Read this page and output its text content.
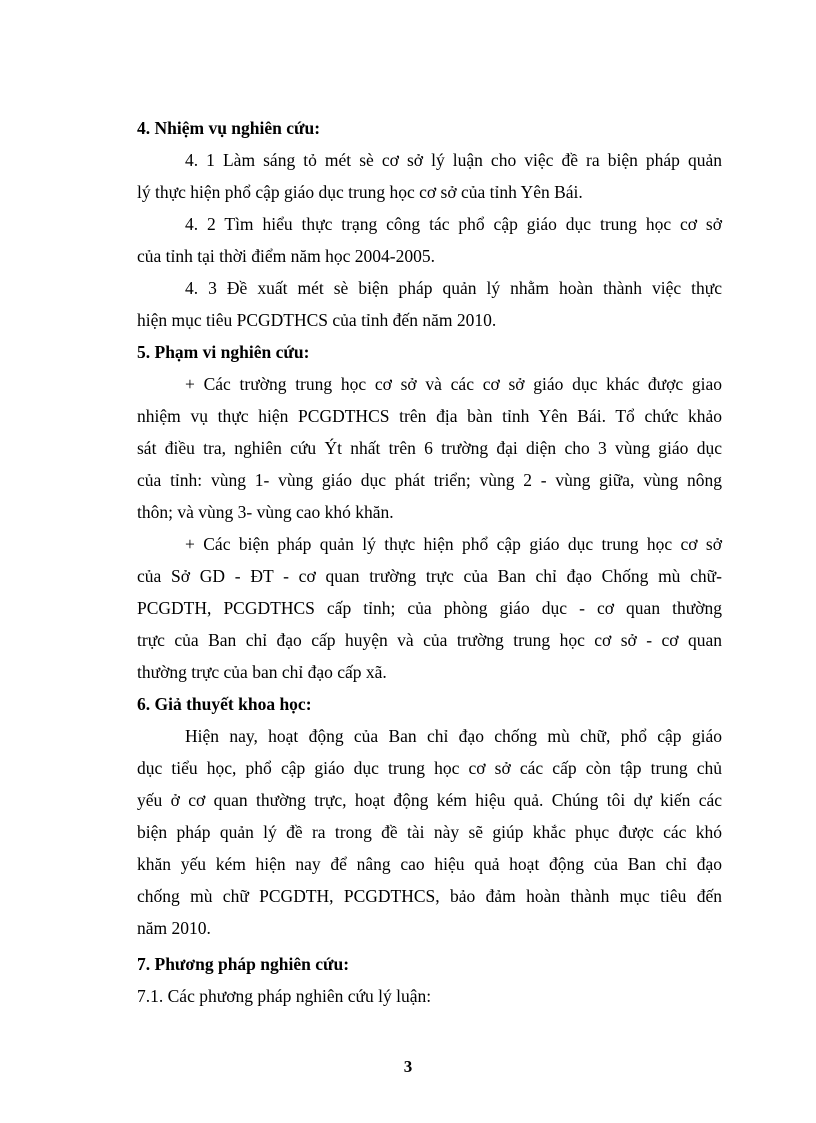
4. Nhiệm vụ nghiên cứu:
4. 1 Làm sáng tỏ mét sè cơ sở lý luận cho việc đề ra biện pháp quản
lý thực hiện phổ cập giáo dục trung học cơ sở của tỉnh Yên Bái.
4. 2 Tìm hiểu thực trạng công tác phổ cập giáo dục trung học cơ sở
của tỉnh tại thời điểm năm học 2004-2005.
4. 3 Đề xuất mét sè biện pháp quản lý nhằm hoàn thành việc thực
hiện mục tiêu PCGDTHCS của tỉnh đến năm 2010.
5. Phạm vi nghiên cứu:
+ Các trường trung học cơ sở và các cơ sở giáo dục khác được giao
nhiệm vụ thực hiện PCGDTHCS trên địa bàn tỉnh Yên Bái. Tổ chức khảo
sát điều tra, nghiên cứu Ýt nhất trên 6 trường đại diện cho 3 vùng giáo dục
của tỉnh: vùng 1- vùng giáo dục phát triển; vùng 2 - vùng giữa, vùng nông
thôn; và vùng 3- vùng cao khó khăn.
+ Các biện pháp quản lý thực hiện phổ cập giáo dục trung học cơ sở
của Sở GD - ĐT - cơ quan trường trực của Ban chỉ đạo Chống mù chữ-
PCGDTH, PCGDTHCS cấp tỉnh; của phòng giáo dục - cơ quan thường
trực của Ban chỉ đạo cấp huyện và của trường trung học cơ sở - cơ quan
thường trực của ban chỉ đạo cấp xã.
6. Giả thuyết khoa học:
Hiện nay, hoạt động của Ban chỉ đạo chống mù chữ, phổ cập giáo
dục tiểu học, phổ cập giáo dục trung học cơ sở các cấp còn tập trung chủ
yếu ở cơ quan thường trực, hoạt động kém hiệu quả. Chúng tôi dự kiến các
biện pháp quản lý đề ra trong đề tài này sẽ giúp khắc phục được các khó
khăn yếu kém hiện nay để nâng cao hiệu quả hoạt động của Ban chỉ đạo
chống mù chữ PCGDTH, PCGDTHCS, bảo đảm hoàn thành mục tiêu đến
năm 2010.
7. Phương pháp nghiên cứu:
7.1. Các phương pháp nghiên cứu lý luận:
3
